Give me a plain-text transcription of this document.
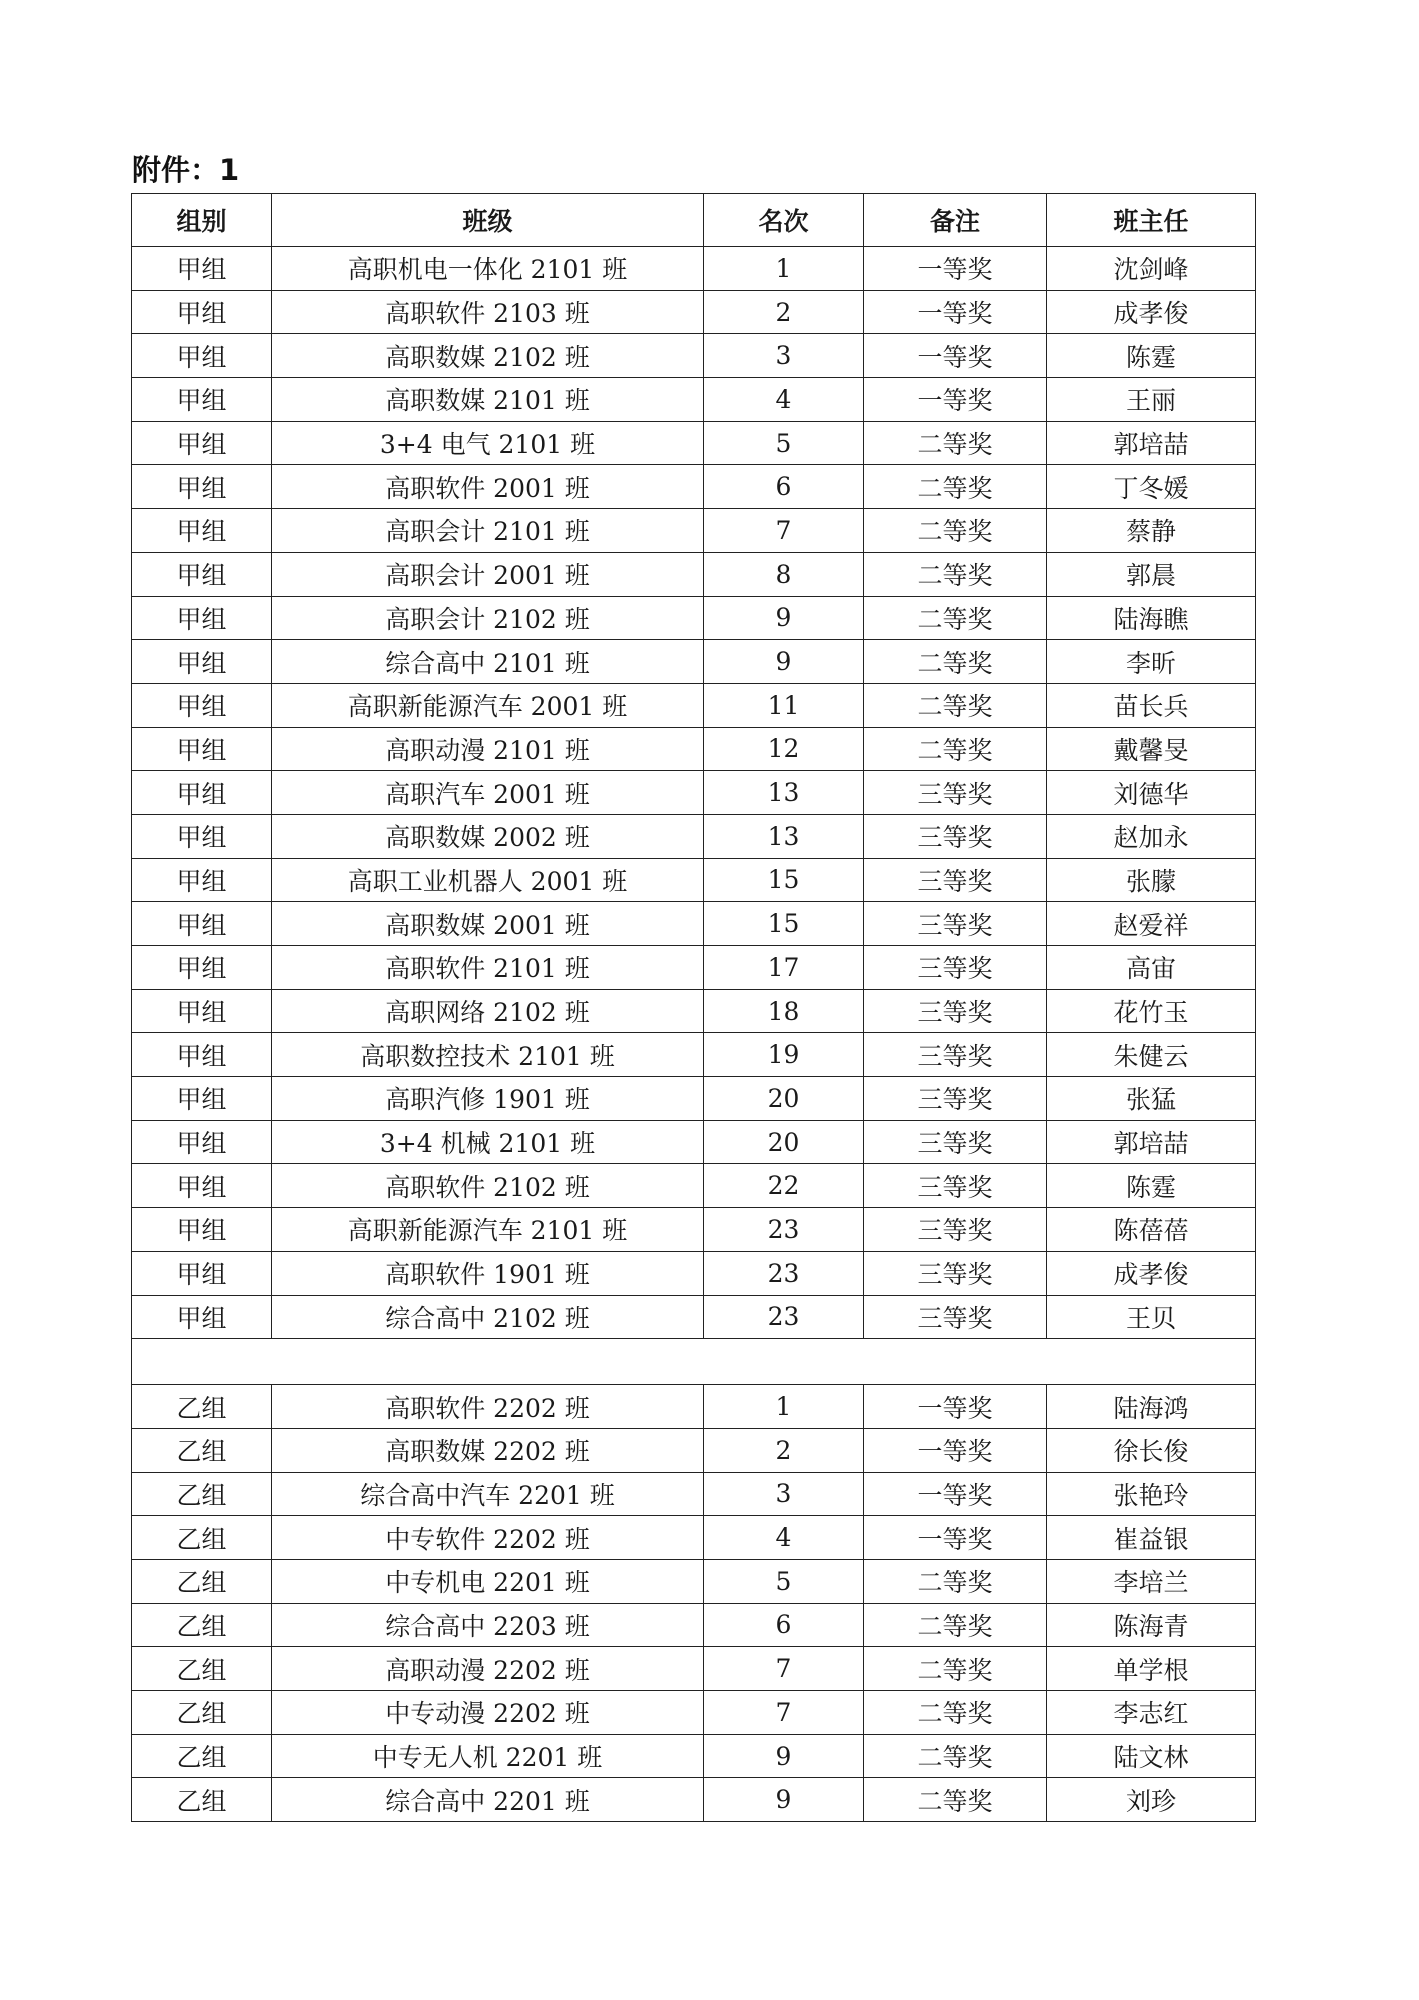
附件：1
组别	班级	名次	备注	班主任
甲组	高职机电一体化 2101 班	1	一等奖	沈剑峰
甲组	高职软件 2103 班	2	一等奖	成孝俊
甲组	高职数媒 2102 班	3	一等奖	陈霆
甲组	高职数媒 2101 班	4	一等奖	王丽
甲组	3+4 电气 2101 班	5	二等奖	郭培喆
甲组	高职软件 2001 班	6	二等奖	丁冬媛
甲组	高职会计 2101 班	7	二等奖	蔡静
甲组	高职会计 2001 班	8	二等奖	郭晨
甲组	高职会计 2102 班	9	二等奖	陆海瞧
甲组	综合高中 2101 班	9	二等奖	李昕
甲组	高职新能源汽车 2001 班	11	二等奖	苗长兵
甲组	高职动漫 2101 班	12	二等奖	戴馨旻
甲组	高职汽车 2001 班	13	三等奖	刘德华
甲组	高职数媒 2002 班	13	三等奖	赵加永
甲组	高职工业机器人 2001 班	15	三等奖	张朦
甲组	高职数媒 2001 班	15	三等奖	赵爱祥
甲组	高职软件 2101 班	17	三等奖	高宙
甲组	高职网络 2102 班	18	三等奖	花竹玉
甲组	高职数控技术 2101 班	19	三等奖	朱健云
甲组	高职汽修 1901 班	20	三等奖	张猛
甲组	3+4 机械 2101 班	20	三等奖	郭培喆
甲组	高职软件 2102 班	22	三等奖	陈霆
甲组	高职新能源汽车 2101 班	23	三等奖	陈蓓蓓
甲组	高职软件 1901 班	23	三等奖	成孝俊
甲组	综合高中 2102 班	23	三等奖	王贝

乙组	高职软件 2202 班	1	一等奖	陆海鸿
乙组	高职数媒 2202 班	2	一等奖	徐长俊
乙组	综合高中汽车 2201 班	3	一等奖	张艳玲
乙组	中专软件 2202 班	4	一等奖	崔益银
乙组	中专机电 2201 班	5	二等奖	李培兰
乙组	综合高中 2203 班	6	二等奖	陈海青
乙组	高职动漫 2202 班	7	二等奖	单学根
乙组	中专动漫 2202 班	7	二等奖	李志红
乙组	中专无人机 2201 班	9	二等奖	陆文林
乙组	综合高中 2201 班	9	二等奖	刘珍
